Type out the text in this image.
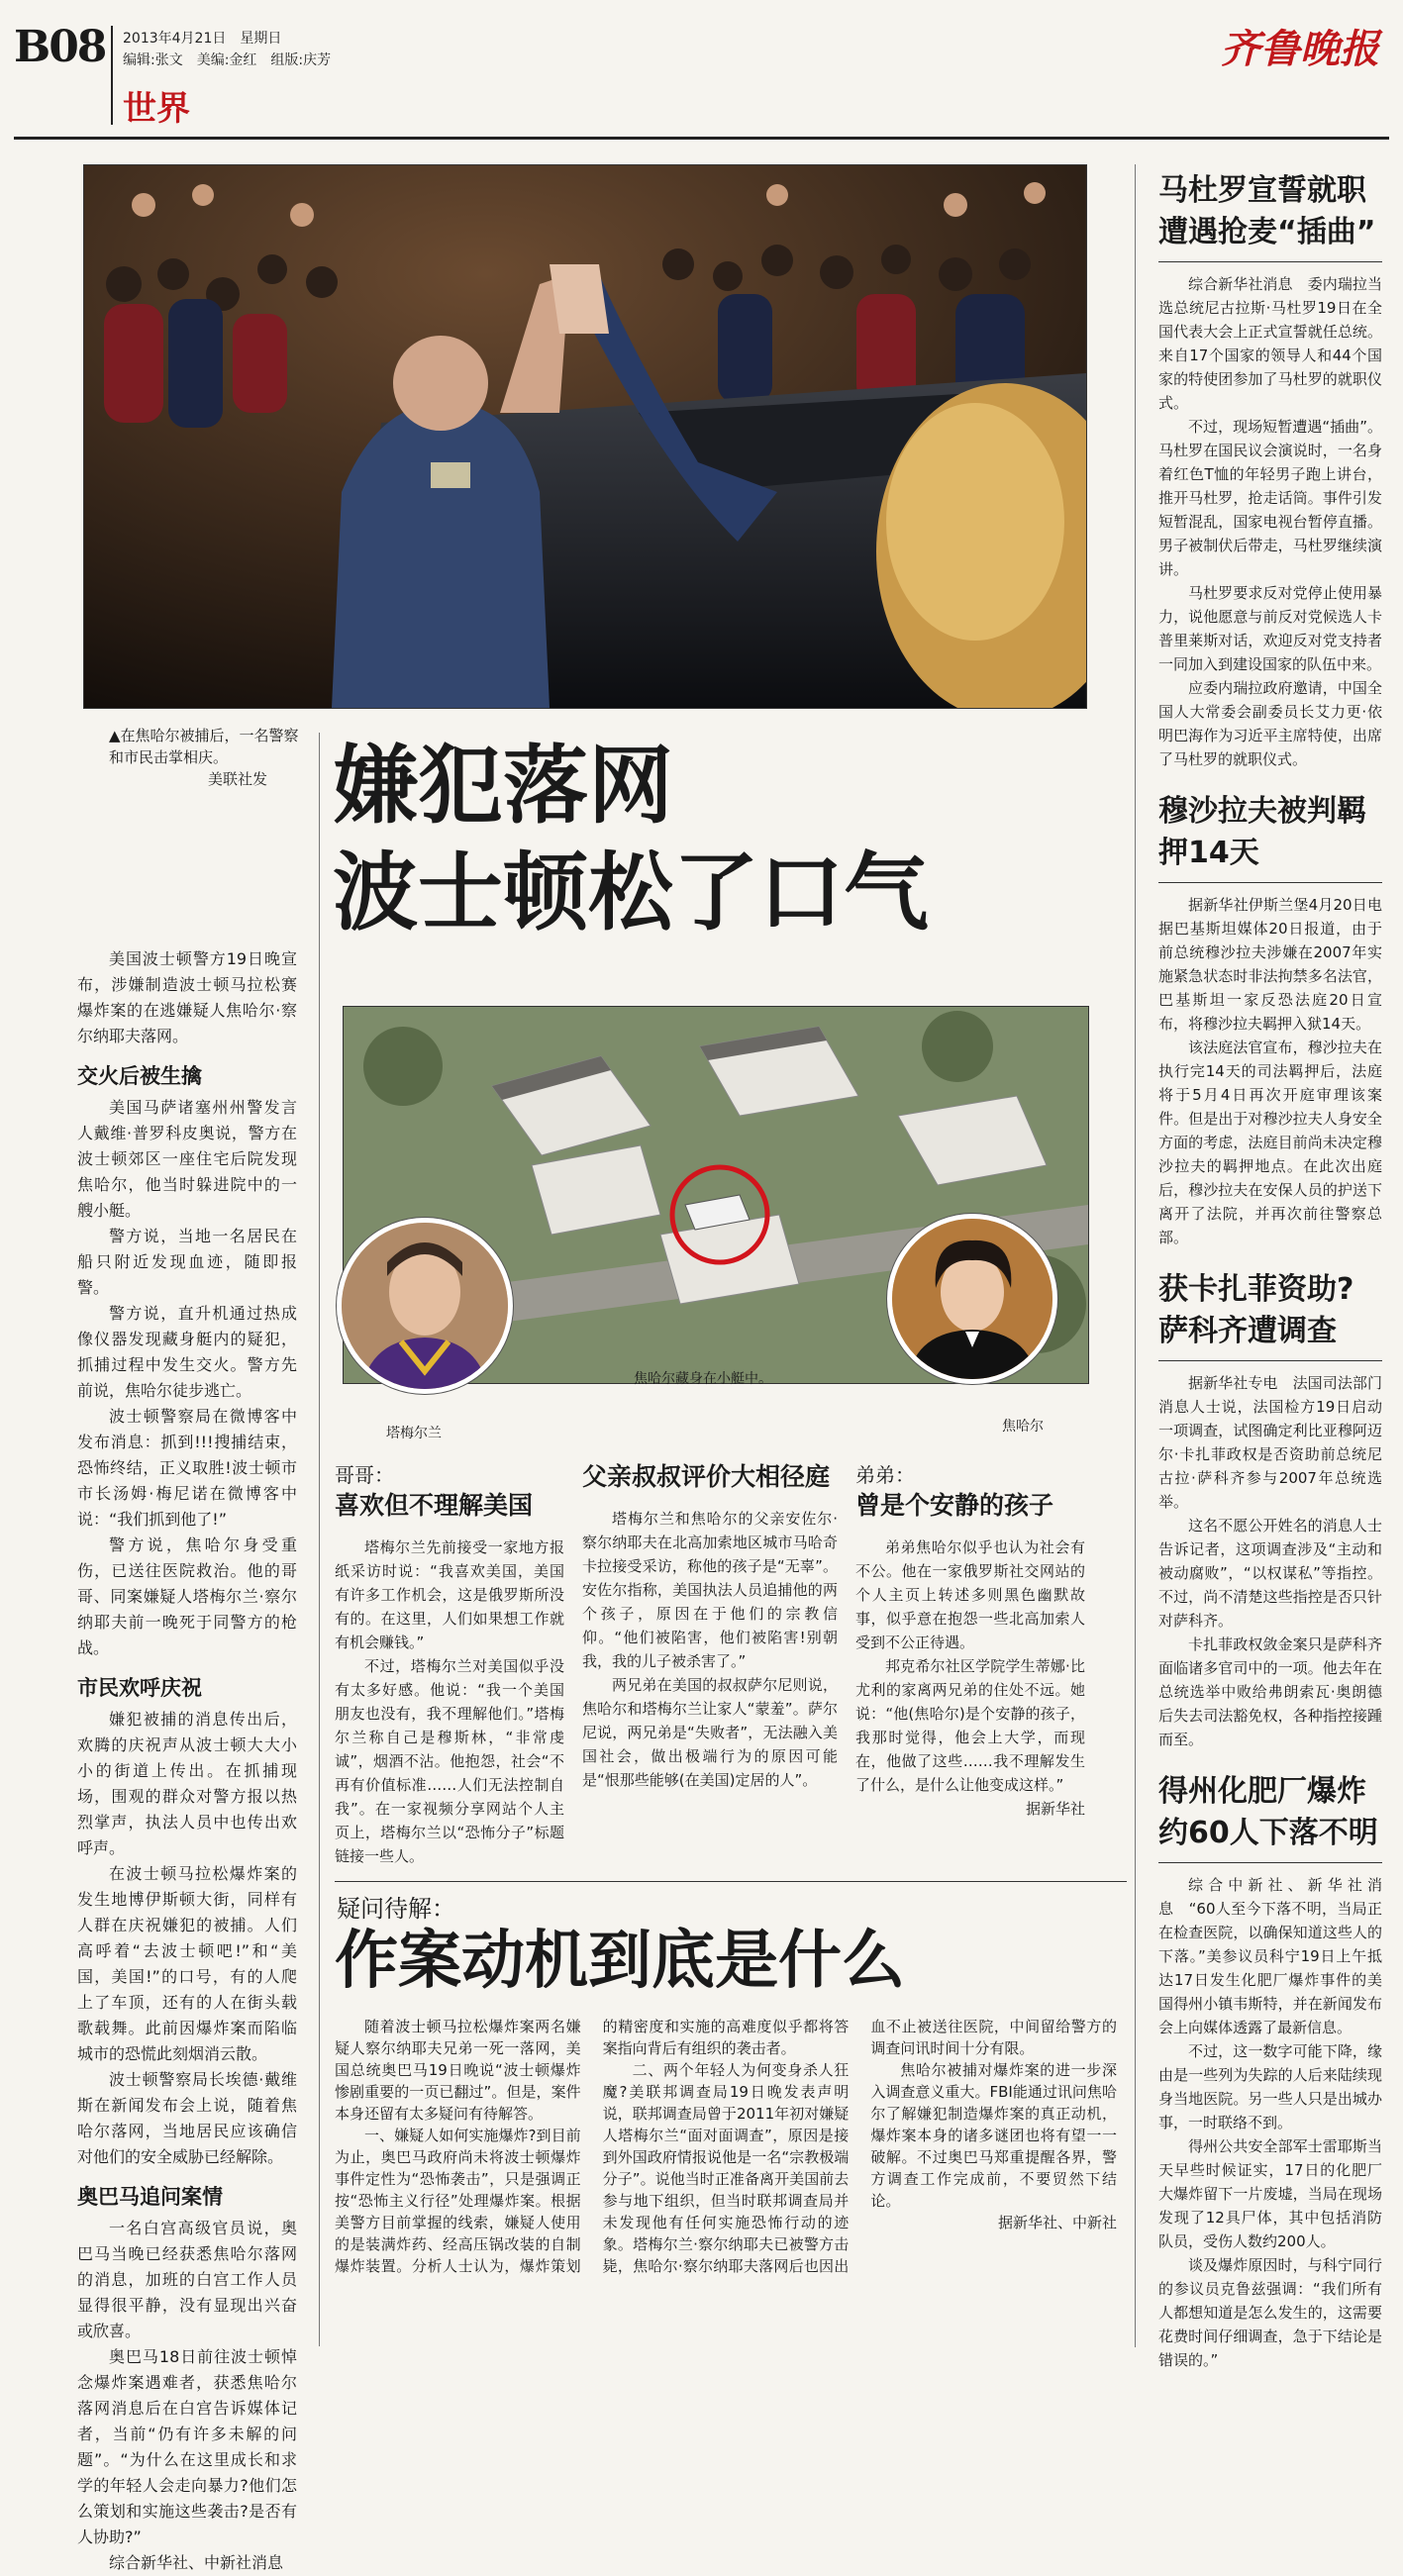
B08 2013年4月21日　星期日
编辑:张文　美编:金红　组版:庆芳
世界
齐鲁晚报
▲在焦哈尔被捕后，一名警察和市民击掌相庆。
美联社发 嫌犯落网
波士顿松了口气
焦哈尔藏身在小艇中。
塔梅尔兰	焦哈尔

美国波士顿警方19日晚宣布，涉嫌制造波士顿马拉松赛爆炸案的在逃嫌疑人焦哈尔·察尔纳耶夫落网。

交火后被生擒

美国马萨诸塞州州警发言人戴维·普罗科皮奥说，警方在波士顿郊区一座住宅后院发现焦哈尔，他当时躲进院中的一艘小艇。

警方说，当地一名居民在船只附近发现血迹，随即报警。

警方说，直升机通过热成像仪器发现藏身艇内的疑犯，抓捕过程中发生交火。警方先前说，焦哈尔徒步逃亡。

波士顿警察局在微博客中发布消息：抓到!!!搜捕结束，恐怖终结，正义取胜!波士顿市市长汤姆·梅尼诺在微博客中说：“我们抓到他了!”

警方说，焦哈尔身受重伤，已送往医院救治。他的哥哥、同案嫌疑人塔梅尔兰·察尔纳耶夫前一晚死于同警方的枪战。

市民欢呼庆祝

嫌犯被捕的消息传出后，欢腾的庆祝声从波士顿大大小小的街道上传出。在抓捕现场，围观的群众对警方报以热烈掌声，执法人员中也传出欢呼声。

在波士顿马拉松爆炸案的发生地博伊斯顿大街，同样有人群在庆祝嫌犯的被捕。人们高呼着“去波士顿吧!”和“美国，美国!”的口号，有的人爬上了车顶，还有的人在街头载歌载舞。此前因爆炸案而陷临城市的恐慌此刻烟消云散。

波士顿警察局长埃德·戴维斯在新闻发布会上说，随着焦哈尔落网，当地居民应该确信对他们的安全威胁已经解除。

奥巴马追问案情

一名白宫高级官员说，奥巴马当晚已经获悉焦哈尔落网的消息，加班的白宫工作人员显得很平静，没有显现出兴奋或欣喜。

奥巴马18日前往波士顿悼念爆炸案遇难者，获悉焦哈尔落网消息后在白宫告诉媒体记者，当前“仍有许多未解的问题”。“为什么在这里成长和求学的年轻人会走向暴力?他们怎么策划和实施这些袭击?是否有人协助?”

综合新华社、中新社消息

哥哥：
喜欢但不理解美国

塔梅尔兰先前接受一家地方报纸采访时说：“我喜欢美国，美国有许多工作机会，这是俄罗斯所没有的。在这里，人们如果想工作就有机会赚钱。”

不过，塔梅尔兰对美国似乎没有太多好感。他说：“我一个美国朋友也没有，我不理解他们。”塔梅尔兰称自己是穆斯林，“非常虔诚”，烟酒不沾。他抱怨，社会“不再有价值标准……人们无法控制自我”。在一家视频分享网站个人主页上，塔梅尔兰以“恐怖分子”标题链接一些人。

父亲叔叔评价大相径庭

塔梅尔兰和焦哈尔的父亲安佐尔·察尔纳耶夫在北高加索地区城市马哈奇卡拉接受采访，称他的孩子是“无辜”。安佐尔指称，美国执法人员追捕他的两个孩子，原因在于他们的宗教信仰。“他们被陷害，他们被陷害!别朝我，我的儿子被杀害了。”

两兄弟在美国的叔叔萨尔尼则说，焦哈尔和塔梅尔兰让家人“蒙羞”。萨尔尼说，两兄弟是“失败者”，无法融入美国社会，做出极端行为的原因可能是“恨那些能够(在美国)定居的人”。

弟弟：
曾是个安静的孩子

弟弟焦哈尔似乎也认为社会有不公。他在一家俄罗斯社交网站的个人主页上转述多则黑色幽默故事，似乎意在抱怨一些北高加索人受到不公正待遇。

邦克希尔社区学院学生蒂娜·比尤利的家离两兄弟的住处不远。她说：“他(焦哈尔)是个安静的孩子，我那时觉得，他会上大学，而现在，他做了这些……我不理解发生了什么，是什么让他变成这样。”

据新华社

疑问待解：
作案动机到底是什么

随着波士顿马拉松爆炸案两名嫌疑人察尔纳耶夫兄弟一死一落网，美国总统奥巴马19日晚说“波士顿爆炸惨剧重要的一页已翻过”。但是，案件本身还留有太多疑问有待解答。

一、嫌疑人如何实施爆炸?到目前为止，奥巴马政府尚未将波士顿爆炸事件定性为“恐怖袭击”，只是强调正按“恐怖主义行径”处理爆炸案。根据美警方目前掌握的线索，嫌疑人使用的是装满炸药、经高压锅改装的自制爆炸装置。分析人士认为，爆炸策划的精密度和实施的高难度似乎都将答案指向背后有组织的袭击者。

二、两个年轻人为何变身杀人狂魔?美联邦调查局19日晚发表声明说，联邦调查局曾于2011年初对嫌疑人塔梅尔兰“面对面调查”，原因是接到外国政府情报说他是一名“宗教极端分子”。说他当时正准备离开美国前去参与地下组织，但当时联邦调查局并未发现他有任何实施恐怖行动的迹象。塔梅尔兰·察尔纳耶夫已被警方击毙，焦哈尔·察尔纳耶夫落网后也因出血不止被送往医院，中间留给警方的调查问讯时间十分有限。

焦哈尔被捕对爆炸案的进一步深入调查意义重大。FBI能通过讯问焦哈尔了解嫌犯制造爆炸案的真正动机，爆炸案本身的诸多谜团也将有望一一破解。不过奥巴马郑重提醒各界，警方调查工作完成前，不要贸然下结论。

据新华社、中新社

马杜罗宣誓就职遭遇抢麦“插曲”

综合新华社消息　委内瑞拉当选总统尼古拉斯·马杜罗19日在全国代表大会上正式宣誓就任总统。来自17个国家的领导人和44个国家的特使团参加了马杜罗的就职仪式。

不过，现场短暂遭遇“插曲”。马杜罗在国民议会演说时，一名身着红色T恤的年轻男子跑上讲台，推开马杜罗，抢走话筒。事件引发短暂混乱，国家电视台暂停直播。男子被制伏后带走，马杜罗继续演讲。

马杜罗要求反对党停止使用暴力，说他愿意与前反对党候选人卡普里莱斯对话，欢迎反对党支持者一同加入到建设国家的队伍中来。

应委内瑞拉政府邀请，中国全国人大常委会副委员长艾力更·依明巴海作为习近平主席特使，出席了马杜罗的就职仪式。

穆沙拉夫被判羁押14天

据新华社伊斯兰堡4月20日电　据巴基斯坦媒体20日报道，由于前总统穆沙拉夫涉嫌在2007年实施紧急状态时非法拘禁多名法官，巴基斯坦一家反恐法庭20日宣布，将穆沙拉夫羁押入狱14天。

该法庭法官宣布，穆沙拉夫在执行完14天的司法羁押后，法庭将于5月4日再次开庭审理该案件。但是出于对穆沙拉夫人身安全方面的考虑，法庭目前尚未决定穆沙拉夫的羁押地点。在此次出庭后，穆沙拉夫在安保人员的护送下离开了法院，并再次前往警察总部。

获卡扎菲资助?萨科齐遭调查

据新华社专电　法国司法部门消息人士说，法国检方19日启动一项调查，试图确定利比亚穆阿迈尔·卡扎菲政权是否资助前总统尼古拉·萨科齐参与2007年总统选举。

这名不愿公开姓名的消息人士告诉记者，这项调查涉及“主动和被动腐败”，“以权谋私”等指控。不过，尚不清楚这些指控是否只针对萨科齐。

卡扎菲政权敛金案只是萨科齐面临诸多官司中的一项。他去年在总统选举中败给弗朗索瓦·奥朗德后失去司法豁免权，各种指控接踵而至。

得州化肥厂爆炸约60人下落不明

综合中新社、新华社消息　“60人至今下落不明，当局正在检查医院，以确保知道这些人的下落。”美参议员科宁19日上午抵达17日发生化肥厂爆炸事件的美国得州小镇韦斯特，并在新闻发布会上向媒体透露了最新信息。

不过，这一数字可能下降，缘由是一些列为失踪的人后来陆续现身当地医院。另一些人只是出城办事，一时联络不到。

得州公共安全部军士雷耶斯当天早些时候证实，17日的化肥厂大爆炸留下一片废墟，当局在现场发现了12具尸体，其中包括消防队员，受伤人数约200人。

谈及爆炸原因时，与科宁同行的参议员克鲁兹强调：“我们所有人都想知道是怎么发生的，这需要花费时间仔细调查，急于下结论是错误的。”
